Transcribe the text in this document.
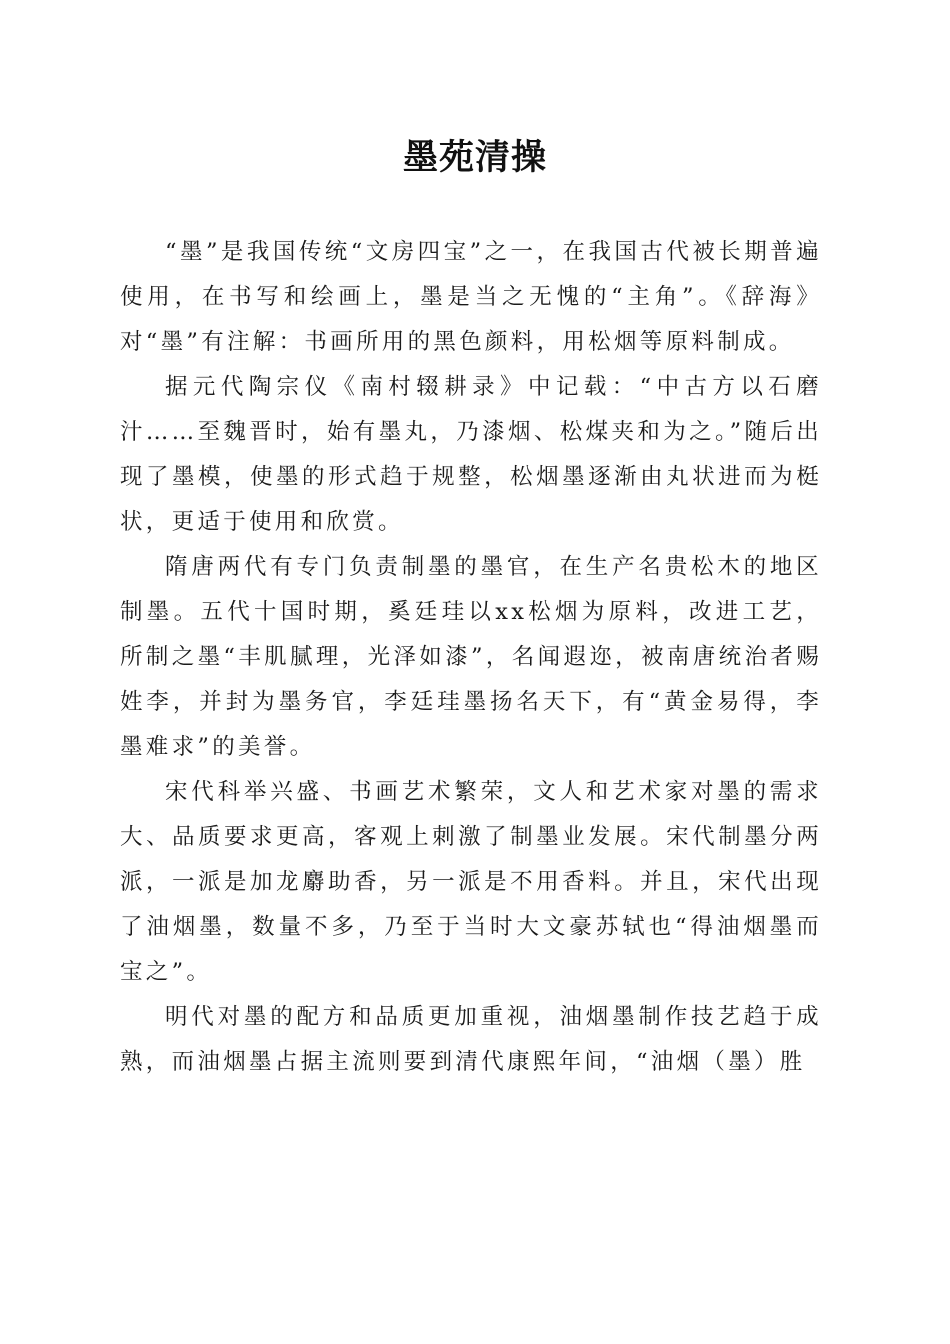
墨苑清操

“墨”是我国传统“文房四宝”之一，在我国古代被长期普遍使用，在书写和绘画上，墨是当之无愧的“主角”。《辞海》对“墨”有注解：书画所用的黑色颜料，用松烟等原料制成。

据元代陶宗仪《南村辍耕录》中记载：“中古方以石磨汁……至魏晋时，始有墨丸，乃漆烟、松煤夹和为之。”随后出现了墨模，使墨的形式趋于规整，松烟墨逐渐由丸状进而为梃状，更适于使用和欣赏。

隋唐两代有专门负责制墨的墨官，在生产名贵松木的地区制墨。五代十国时期，奚廷珪以xx松烟为原料，改进工艺，所制之墨“丰肌腻理，光泽如漆”，名闻遐迩，被南唐统治者赐姓李，并封为墨务官，李廷珪墨扬名天下，有“黄金易得，李墨难求”的美誉。

宋代科举兴盛、书画艺术繁荣，文人和艺术家对墨的需求大、品质要求更高，客观上刺激了制墨业发展。宋代制墨分两派，一派是加龙麝助香，另一派是不用香料。并且，宋代出现了油烟墨，数量不多，乃至于当时大文豪苏轼也“得油烟墨而宝之”。

明代对墨的配方和品质更加重视，油烟墨制作技艺趋于成熟，而油烟墨占据主流则要到清代康熙年间，“油烟（墨）胜
